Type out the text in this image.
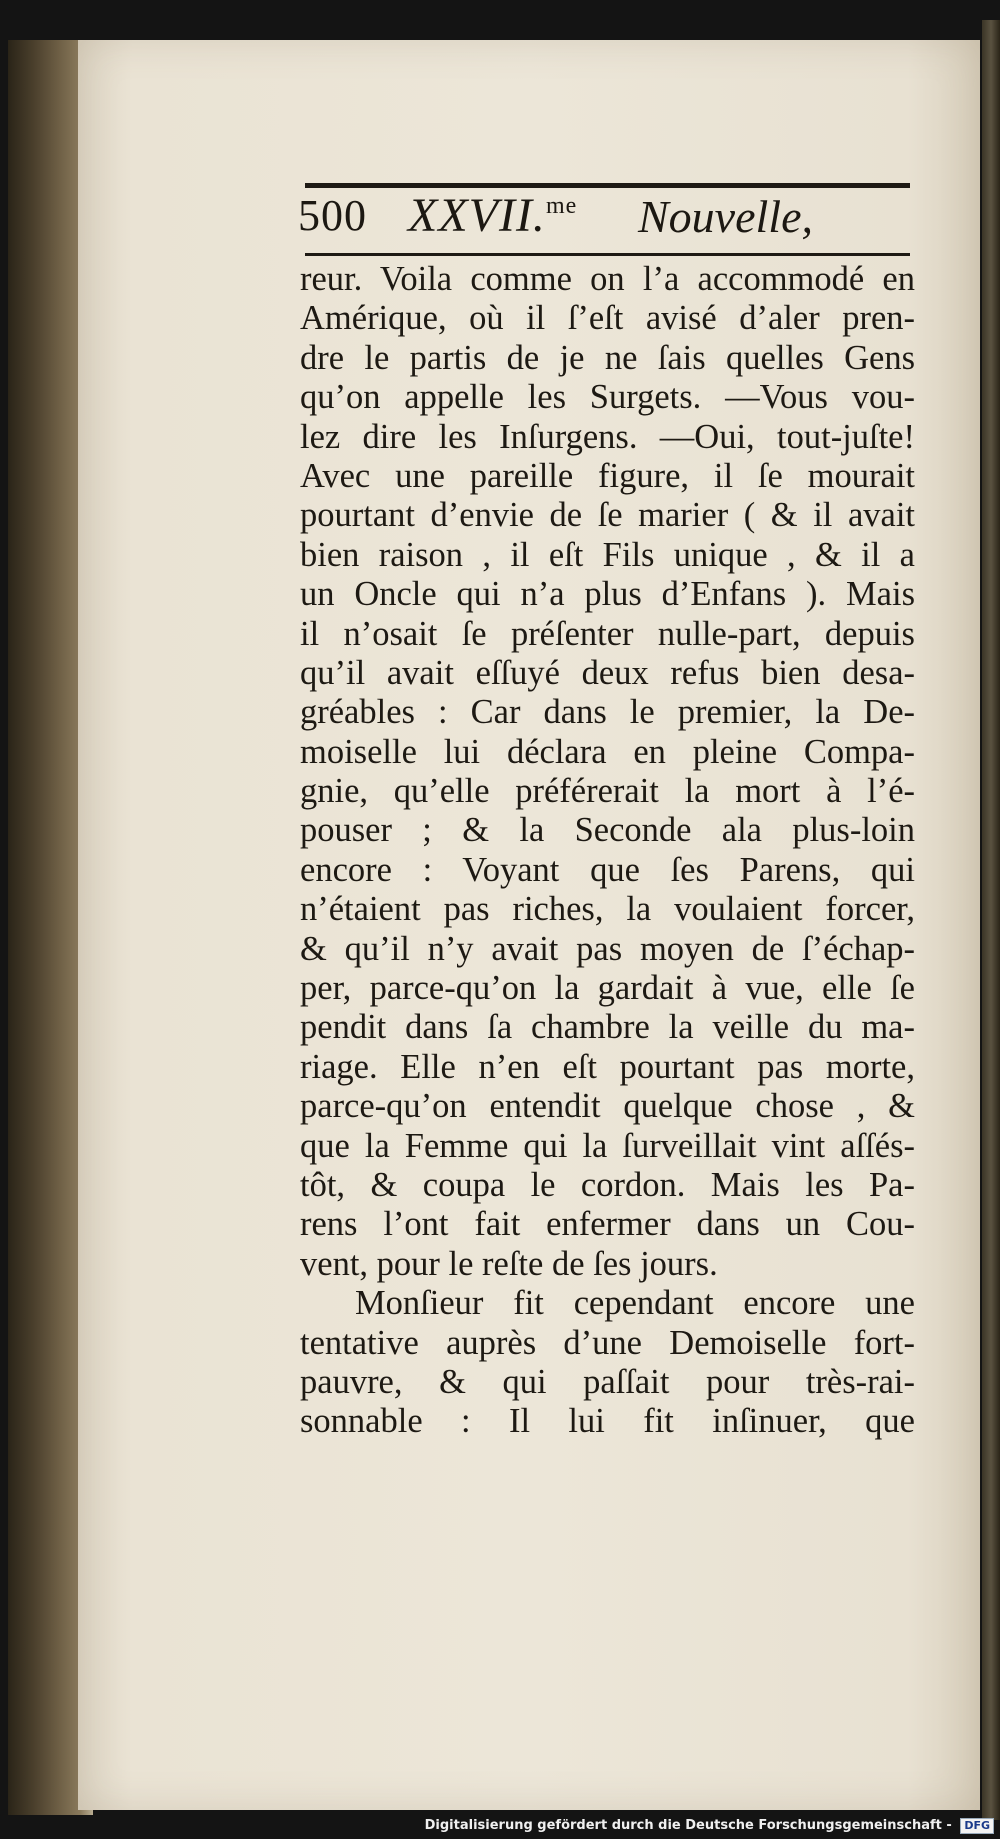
500 XXVII.$^{me}$ Nouvelle,
reur. Voila comme on l’a accommodé en
Amérique, où il ſ’eſt avisé d’aler pren-
dre le partis de je ne ſais quelles Gens
qu’on appelle les Surgets. —Vous vou-
lez dire les Inſurgens. —Oui, tout-juſte!
Avec une pareille figure, il ſe mourait
pourtant d’envie de ſe marier ( & il avait
bien raison , il eſt Fils unique , & il a
un Oncle qui n’a plus d’Enfans ). Mais
il n’osait ſe préſenter nulle-part, depuis
qu’il avait eſſuyé deux refus bien desa-
gréables : Car dans le premier, la De-
moiselle lui déclara en pleine Compa-
gnie, qu’elle préférerait la mort à l’é-
pouser ; & la Seconde ala plus-loin
encore : Voyant que ſes Parens, qui
n’étaient pas riches, la voulaient forcer,
& qu’il n’y avait pas moyen de ſ’échap-
per, parce-qu’on la gardait à vue, elle ſe
pendit dans ſa chambre la veille du ma-
riage. Elle n’en eſt pourtant pas morte,
parce-qu’on entendit quelque chose , &
que la Femme qui la ſurveillait vint aſſés-
tôt, & coupa le cordon. Mais les Pa-
rens l’ont fait enfermer dans un Cou-
vent, pour le reſte de ſes jours.
Monſieur fit cependant encore une
tentative auprès d’une Demoiselle fort-
pauvre, & qui paſſait pour très-rai-
sonnable : Il lui fit inſinuer, que
Digitalisierung gefördert durch die Deutsche Forschungsgemeinschaft - DFG
